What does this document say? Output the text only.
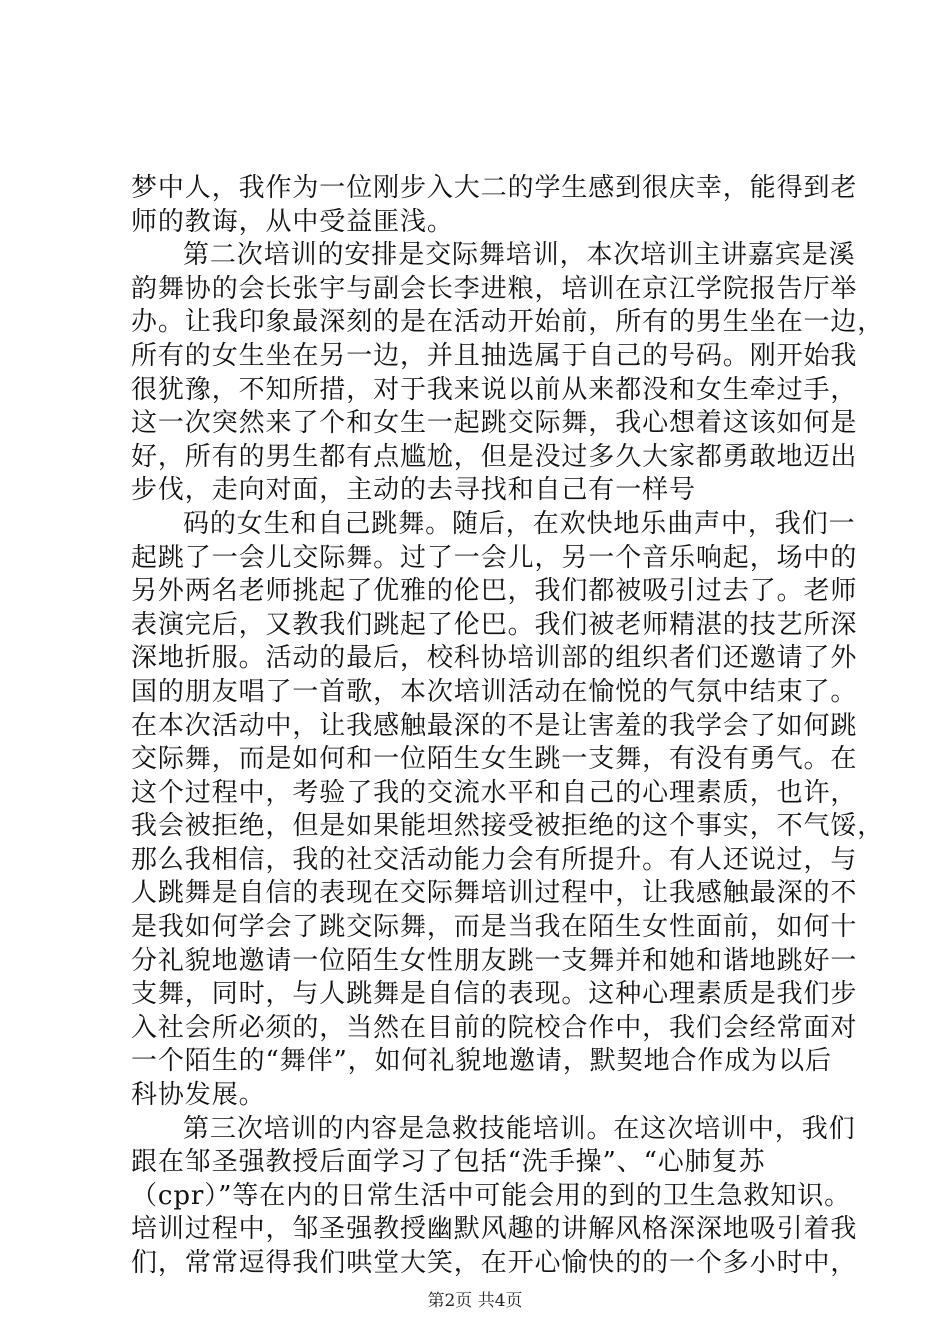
梦中人，我作为一位刚步入大二的学生感到很庆幸，能得到老
师的教诲，从中受益匪浅。
第二次培训的安排是交际舞培训，本次培训主讲嘉宾是溪
韵舞协的会长张宇与副会长李进粮，培训在京江学院报告厅举
办。让我印象最深刻的是在活动开始前，所有的男生坐在一边，
所有的女生坐在另一边，并且抽选属于自己的号码。刚开始我
很犹豫，不知所措，对于我来说以前从来都没和女生牵过手，
这一次突然来了个和女生一起跳交际舞，我心想着这该如何是
好，所有的男生都有点尴尬，但是没过多久大家都勇敢地迈出
步伐，走向对面，主动的去寻找和自己有一样号
码的女生和自己跳舞。随后，在欢快地乐曲声中，我们一
起跳了一会儿交际舞。过了一会儿，另一个音乐响起，场中的
另外两名老师挑起了优雅的伦巴，我们都被吸引过去了。老师
表演完后，又教我们跳起了伦巴。我们被老师精湛的技艺所深
深地折服。活动的最后，校科协培训部的组织者们还邀请了外
国的朋友唱了一首歌，本次培训活动在愉悦的气氛中结束了。
在本次活动中，让我感触最深的不是让害羞的我学会了如何跳
交际舞，而是如何和一位陌生女生跳一支舞，有没有勇气。在
这个过程中，考验了我的交流水平和自己的心理素质，也许，
我会被拒绝，但是如果能坦然接受被拒绝的这个事实，不气馁，
那么我相信，我的社交活动能力会有所提升。有人还说过，与
人跳舞是自信的表现在交际舞培训过程中，让我感触最深的不
是我如何学会了跳交际舞，而是当我在陌生女性面前，如何十
分礼貌地邀请一位陌生女性朋友跳一支舞并和她和谐地跳好一
支舞，同时，与人跳舞是自信的表现。这种心理素质是我们步
入社会所必须的，当然在目前的院校合作中，我们会经常面对
一个陌生的“舞伴”，如何礼貌地邀请，默契地合作成为以后
科协发展。
第三次培训的内容是急救技能培训。在这次培训中，我们
跟在邹圣强教授后面学习了包括“洗手操”、“心肺复苏
（cpr）”等在内的日常生活中可能会用的到的卫生急救知识。
培训过程中，邹圣强教授幽默风趣的讲解风格深深地吸引着我
们，常常逗得我们哄堂大笑，在开心愉快的的一个多小时中，
第2页 共4页
